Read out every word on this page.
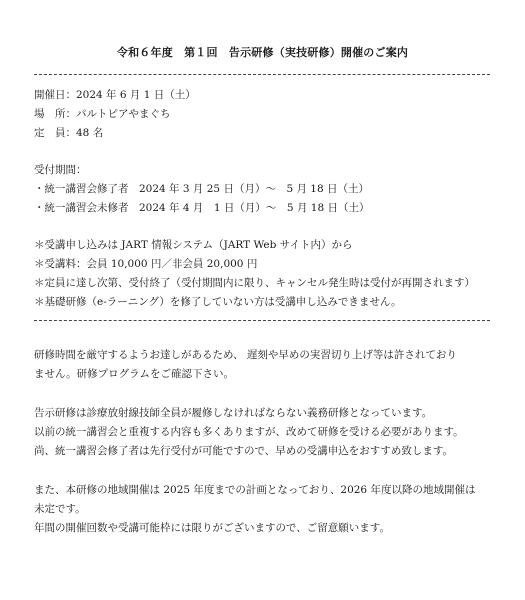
令和６年度　第１回　告示研修（実技研修）開催のご案内
開催日：2024 年 6 月 1 日（土）
場　所：パルトピアやまぐち
定　員：48 名
受付期間：
・統一講習会修了者　2024 年 3 月 25 日（月）～　5 月 18 日（土）
・統一講習会未修者　2024 年 4 月　1 日（月）～　5 月 18 日（土）
＊受講申し込みは JART 情報システム（JART Web サイト内）から
＊受講料：会員 10,000 円／非会員 20,000 円
＊定員に達し次第、受付終了（受付期間内に限り、キャンセル発生時は受付が再開されます）
＊基礎研修（e-ラーニング）を修了していない方は受講申し込みできません。
研修時間を厳守するようお達しがあるため、 遅刻や早めの実習切り上げ等は許されており
ません。研修プログラムをご確認下さい。
告示研修は診療放射線技師全員が履修しなければならない義務研修となっています。
以前の統一講習会と重複する内容も多くありますが、改めて研修を受ける必要があります。
尚、統一講習会修了者は先行受付が可能ですので、早めの受講申込をおすすめ致します。
また、本研修の地域開催は 2025 年度までの計画となっており、2026 年度以降の地域開催は
未定です。
年間の開催回数や受講可能枠には限りがございますので、ご留意願います。
